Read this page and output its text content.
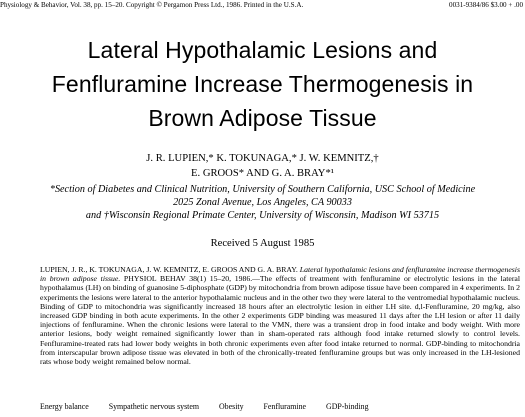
Physiology & Behavior, Vol. 38, pp. 15–20. Copyright © Pergamon Press Ltd., 1986. Printed in the U.S.A.	0031-9384/86 $3.00 + .00
Lateral Hypothalamic Lesions and
Fenfluramine Increase Thermogenesis in
Brown Adipose Tissue
J. R. LUPIEN,* K. TOKUNAGA,* J. W. KEMNITZ,†
E. GROOS* AND G. A. BRAY*¹
*Section of Diabetes and Clinical Nutrition, University of Southern California, USC School of Medicine
2025 Zonal Avenue, Los Angeles, CA 90033
and †Wisconsin Regional Primate Center, University of Wisconsin, Madison WI 53715
Received 5 August 1985

LUPIEN, J. R., K. TOKUNAGA, J. W. KEMNITZ, E. GROOS AND G. A. BRAY. Lateral hypothalamic lesions and fenfluramine increase thermogenesis in brown adipose tissue. PHYSIOL BEHAV 38(1) 15–20, 1986.—The effects of treatment with fenfluramine or electrolytic lesions in the lateral hypothalamus (LH) on binding of guanosine 5-diphosphate (GDP) by mitochondria from brown adipose tissue have been compared in 4 experiments. In 2 experiments the lesions were lateral to the anterior hypothalamic nucleus and in the other two they were lateral to the ventromedial hypothalamic nucleus. Binding of GDP to mitochondria was significantly increased 18 hours after an electrolytic lesion in either LH site. d,l-Fenfluramine, 20 mg/kg, also increased GDP binding in both acute experiments. In the other 2 experiments GDP binding was measured 11 days after the LH lesion or after 11 daily injections of fenfluramine. When the chronic lesions were lateral to the VMN, there was a transient drop in food intake and body weight. With more anterior lesions, body weight remained significantly lower than in sham-operated rats although food intake returned slowly to control levels. Fenfluramine-treated rats had lower body weights in both chronic experiments even after food intake returned to normal. GDP-binding to mitochondria from interscapular brown adipose tissue was elevated in both of the chronically-treated fenfluramine groups but was only increased in the LH-lesioned rats whose body weight remained below normal.

Energy balance	Sympathetic nervous system	Obesity	Fenfluramine	GDP-binding
